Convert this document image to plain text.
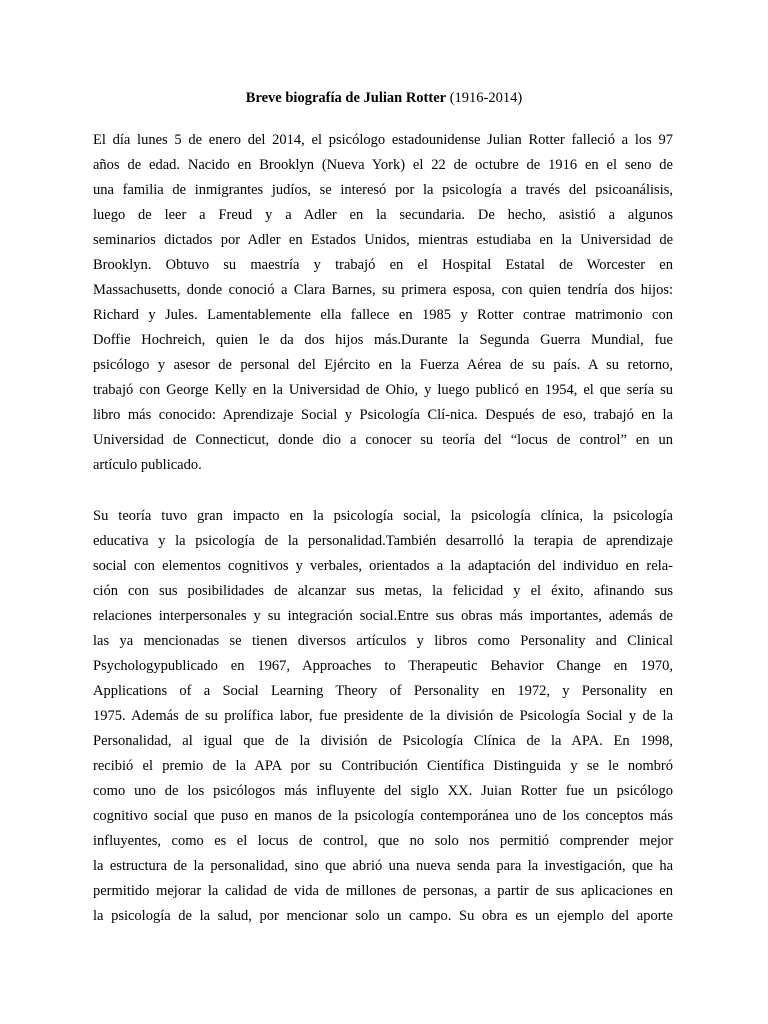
Breve biografía de Julian Rotter (1916-2014)
El día lunes 5 de enero del 2014, el psicólogo estadounidense Julian Rotter falleció a los 97
años de edad. Nacido en Brooklyn (Nueva York) el 22 de octubre de 1916 en el seno de
una familia de inmigrantes judíos, se interesó por la psicología a través del psicoanálisis,
luego de leer a Freud y a Adler en la secundaria. De hecho, asistió a algunos
seminarios dictados por Adler en Estados Unidos, mientras estudiaba en la Universidad de
Brooklyn. Obtuvo su maestría y trabajó en el Hospital Estatal de Worcester en
Massachusetts, donde conoció a Clara Barnes, su primera esposa, con quien tendría dos hijos:
Richard y Jules. Lamentablemente ella fallece en 1985 y Rotter contrae matrimonio con
Doffie Hochreich, quien le da dos hijos más.Durante la Segunda Guerra Mundial, fue
psicólogo y asesor de personal del Ejército en la Fuerza Aérea de su país. A su retorno,
trabajó con George Kelly en la Universidad de Ohio, y luego publicó en 1954, el que sería su
libro más conocido: Aprendizaje Social y Psicología Clí-nica. Después de eso, trabajó en la
Universidad de Connecticut, donde dio a conocer su teoría del “locus de control” en un
artículo publicado.
Su teoría tuvo gran impacto en la psicología social, la psicología clínica, la psicología
educativa y la psicología de la personalidad.También desarrolló la terapia de aprendizaje
social con elementos cognitivos y verbales, orientados a la adaptación del individuo en rela-
ción con sus posibilidades de alcanzar sus metas, la felicidad y el éxito, afinando sus
relaciones interpersonales y su integración social.Entre sus obras más importantes, además de
las ya mencionadas se tienen diversos artículos y libros como Personality and Clinical
Psychologypublicado en 1967, Approaches to Therapeutic Behavior Change en 1970,
Applications of a Social Learning Theory of Personality en 1972, y Personality en
1975. Además de su prolífica labor, fue presidente de la división de Psicología Social y de la
Personalidad, al igual que de la división de Psicología Clínica de la APA. En 1998,
recibió el premio de la APA por su Contribución Científica Distinguida y se le nombró
como uno de los psicólogos más influyente del siglo XX. Juian Rotter fue un psicólogo
cognitivo social que puso en manos de la psicología contemporánea uno de los conceptos más
influyentes, como es el locus de control, que no solo nos permitió comprender mejor
la estructura de la personalidad, sino que abrió una nueva senda para la investigación, que ha
permitido mejorar la calidad de vida de millones de personas, a partir de sus aplicaciones en
la psicología de la salud, por mencionar solo un campo. Su obra es un ejemplo del aporte
